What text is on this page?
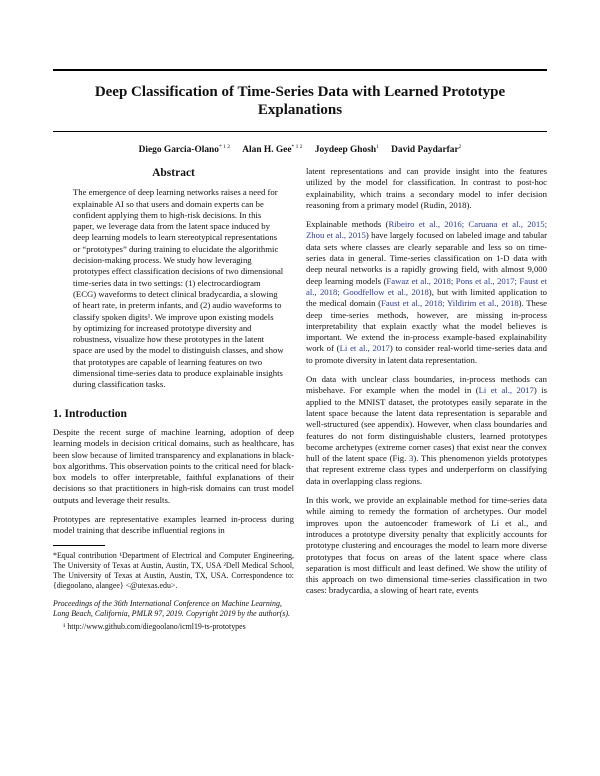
Deep Classification of Time-Series Data with Learned Prototype Explanations
Diego Garcia-Olano$^{* 1 2}$ Alan H. Gee$^{* 1 2}$ Joydeep Ghosh$^1$ David Paydarfar$^2$
Abstract

The emergence of deep learning networks raises a need for explainable AI so that users and domain experts can be confident applying them to high-risk decisions. In this paper, we leverage data from the latent space induced by deep learning models to learn stereotypical representations or “prototypes” during training to elucidate the algorithmic decision-making process. We study how leveraging prototypes effect classification decisions of two dimensional time-series data in two settings: (1) electrocardiogram (ECG) waveforms to detect clinical bradycardia, a slowing of heart rate, in preterm infants, and (2) audio waveforms to classify spoken digits¹. We improve upon existing models by optimizing for increased prototype diversity and robustness, visualize how these prototypes in the latent space are used by the model to distinguish classes, and show that prototypes are capable of learning features on two dimensional time-series data to produce explainable insights during classification tasks.

1. Introduction

Despite the recent surge of machine learning, adoption of deep learning models in decision critical domains, such as healthcare, has been slow because of limited transparency and explanations in black-box algorithms. This observation points to the critical need for black-box models to offer interpretable, faithful explanations of their decisions so that practitioners in high-risk domains can trust model outputs and leverage their results.

Prototypes are representative examples learned in-process during model training that describe influential regions in

*Equal contribution ¹Department of Electrical and Computer Engineering, The University of Texas at Austin, Austin, TX, USA ²Dell Medical School, The University of Texas at Austin, Austin, TX, USA. Correspondence to: {diegoolano, alangee} <@utexas.edu>.

Proceedings of the 36th International Conference on Machine Learning, Long Beach, California, PMLR 97, 2019. Copyright 2019 by the author(s).

¹ http://www.github.com/diegoolano/icml19-ts-prototypes

latent representations and can provide insight into the features utilized by the model for classification. In contrast to post-hoc explainability, which trains a secondary model to infer decision reasoning from a primary model (Rudin, 2018).

Explainable methods (Ribeiro et al., 2016; Caruana et al., 2015; Zhou et al., 2015) have largely focused on labeled image and tabular data sets where classes are clearly separable and less so on time-series data in general. Time-series classification on 1-D data with deep neural networks is a rapidly growing field, with almost 9,000 deep learning models (Fawaz et al., 2018; Pons et al., 2017; Faust et al., 2018; Goodfellow et al., 2018), but with limited application to the medical domain (Faust et al., 2018; Yildirim et al., 2018). These deep time-series methods, however, are missing in-process interpretability that explain exactly what the model believes is important. We extend the in-process example-based explainability work of (Li et al., 2017) to consider real-world time-series data and to promote diversity in latent data representation.

On data with unclear class boundaries, in-process methods can misbehave. For example when the model in (Li et al., 2017) is applied to the MNIST dataset, the prototypes easily separate in the latent space because the latent data representation is separable and well-structured (see appendix). However, when class boundaries and features do not form distinguishable clusters, learned prototypes become archetypes (extreme corner cases) that exist near the convex hull of the latent space (Fig. 3). This phenomenon yields prototypes that represent extreme class types and underperform on classifying data in overlapping class regions.

In this work, we provide an explainable method for time-series data while aiming to remedy the formation of archetypes. Our model improves upon the autoencoder framework of Li et al., and introduces a prototype diversity penalty that explicitly accounts for prototype clustering and encourages the model to learn more diverse prototypes that focus on areas of the latent space where class separation is most difficult and least defined. We show the utility of this approach on two dimensional time-series classification in two cases: bradycardia, a slowing of heart rate, events
